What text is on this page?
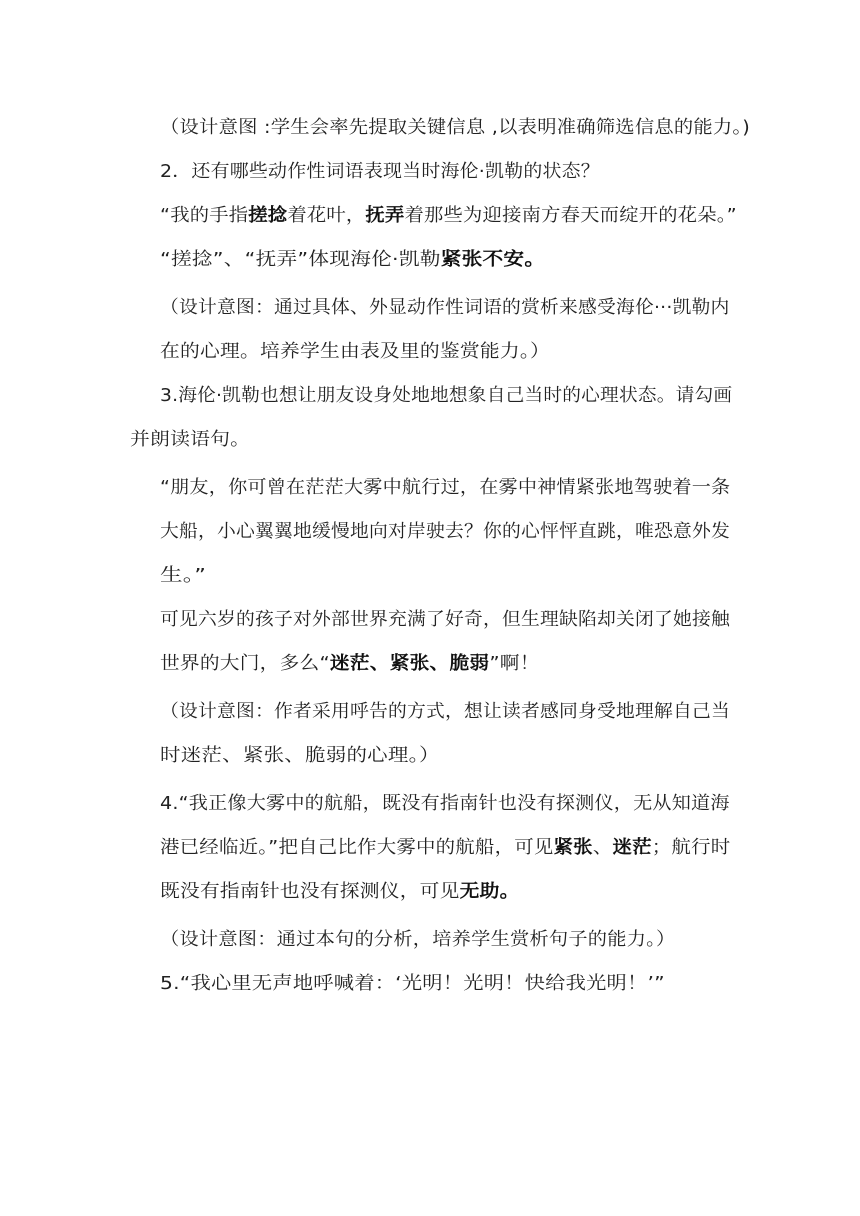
（设计意图 :学生会率先提取关键信息 ,以表明准确筛选信息的能力。)
2．还有哪些动作性词语表现当时海伦·凯勒的状态？
“我的手指搓捻着花叶，抚弄着那些为迎接南方春天而绽开的花朵。”
“搓捻”、“抚弄”体现海伦·凯勒紧张不安。
（设计意图：通过具体、外显动作性词语的赏析来感受海伦···凯勒内
在的心理。培养学生由表及里的鉴赏能力。）
3.海伦·凯勒也想让朋友设身处地地想象自己当时的心理状态。请勾画
并朗读语句。
“朋友，你可曾在茫茫大雾中航行过，在雾中神情紧张地驾驶着一条
大船，小心翼翼地缓慢地向对岸驶去？你的心怦怦直跳，唯恐意外发
生。”
可见六岁的孩子对外部世界充满了好奇，但生理缺陷却关闭了她接触
世界的大门，多么“迷茫、紧张、脆弱”啊！
（设计意图：作者采用呼告的方式，想让读者感同身受地理解自己当
时迷茫、紧张、脆弱的心理。）
4.“我正像大雾中的航船，既没有指南针也没有探测仪，无从知道海
港已经临近。”把自己比作大雾中的航船，可见紧张、迷茫；航行时
既没有指南针也没有探测仪，可见无助。
（设计意图：通过本句的分析，培养学生赏析句子的能力。）
5.“我心里无声地呼喊着：‘光明！光明！快给我光明！’”
